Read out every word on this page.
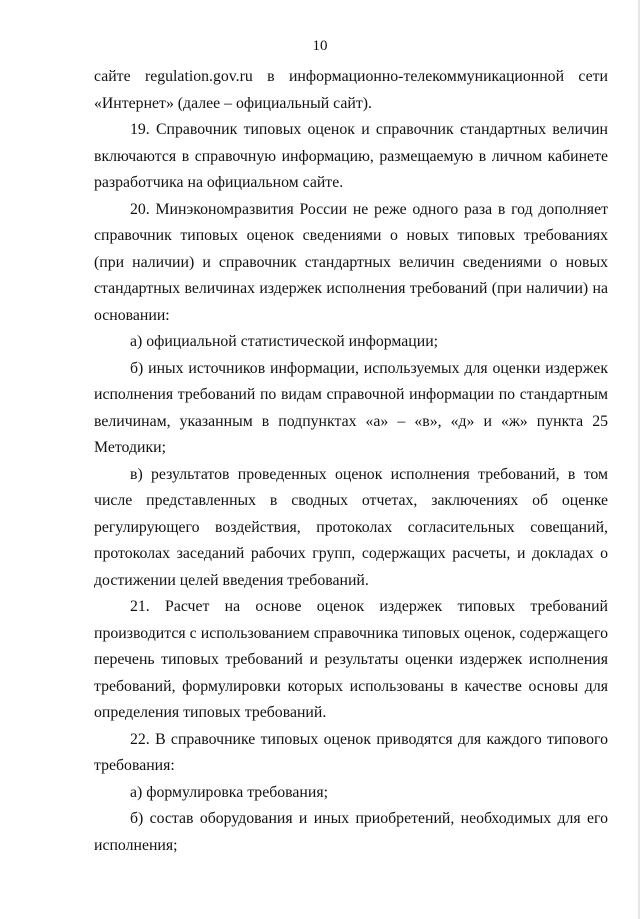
10

сайте regulation.gov.ru в информационно-телекоммуникационной сети

«Интернет» (далее – официальный сайт).

19. Справочник типовых оценок и справочник стандартных величин включаются в справочную информацию, размещаемую в личном кабинете разработчика на официальном сайте.

20. Минэкономразвития России не реже одного раза в год дополняет справочник типовых оценок сведениями о новых типовых требованиях (при наличии) и справочник стандартных величин сведениями о новых стандартных величинах издержек исполнения требований (при наличии) на основании:

а) официальной статистической информации;

б) иных источников информации, используемых для оценки издержек исполнения требований по видам справочной информации по стандартным величинам, указанным в подпунктах «а» – «в», «д» и «ж» пункта 25 Методики;

в) результатов проведенных оценок исполнения требований, в том числе представленных в сводных отчетах, заключениях об оценке регулирующего воздействия, протоколах согласительных совещаний, протоколах заседаний рабочих групп, содержащих расчеты, и докладах о достижении целей введения требований.

21. Расчет на основе оценок издержек типовых требований производится с использованием справочника типовых оценок, содержащего перечень типовых требований и результаты оценки издержек исполнения требований, формулировки которых использованы в качестве основы для определения типовых требований.

22. В справочнике типовых оценок приводятся для каждого типового требования:

а) формулировка требования;

б) состав оборудования и иных приобретений, необходимых для его исполнения;
